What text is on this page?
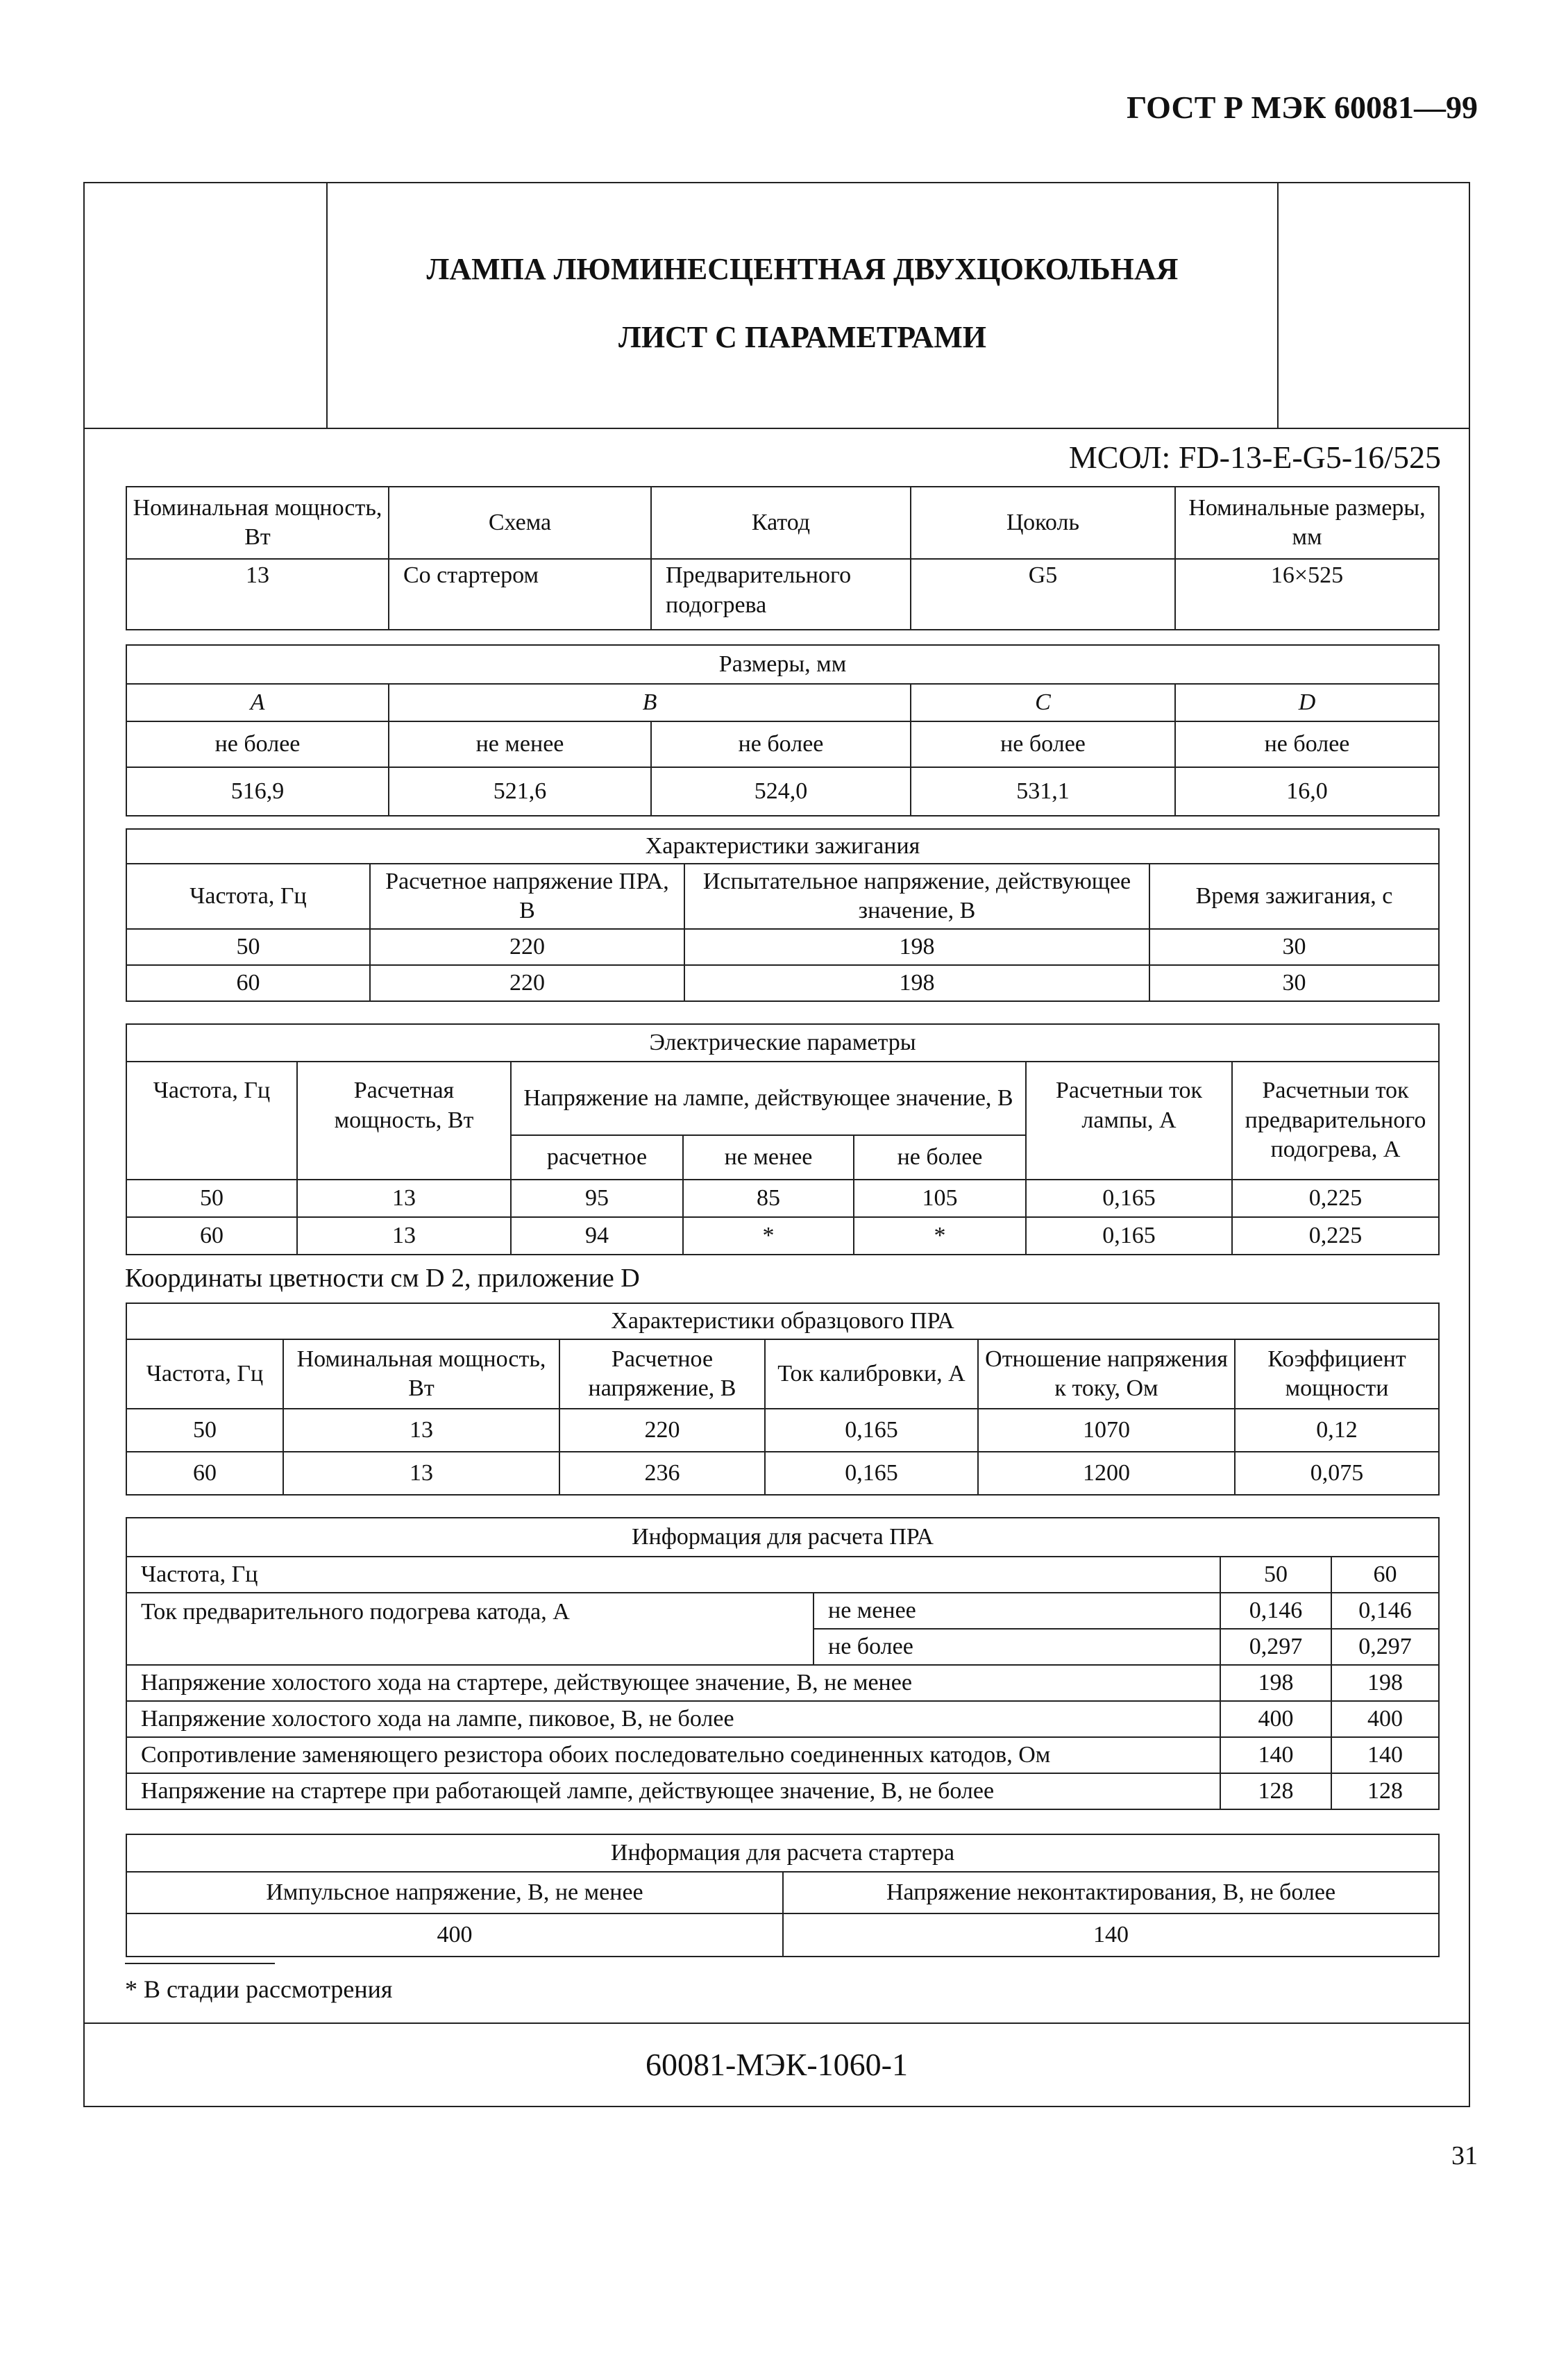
ГОСТ Р МЭК 60081—99
ЛАМПА ЛЮМИНЕСЦЕНТНАЯ ДВУХЦОКОЛЬНАЯ
ЛИСТ С ПАРАМЕТРАМИ
МСОЛ: FD-13-E-G5-16/525
Номинальная мощность, Вт	Схема	Катод	Цоколь	Номинальные размеры, мм
13	Со стартером	Предварительного подогрева	G5	16×525
Размеры, мм				
A	B		C	D
не более	не менее	не более	не более	не более
516,9	521,6	524,0	531,1	16,0
Характеристики зажигания			
Частота, Гц	Расчетное напряжение ПРА, В	Испытательное напряжение, действующее значение, В	Время зажигания, с
50	220	198	30
60	220	198	30
Электрические параметры						
Частота, Гц	Расчетная мощность, Вт	Напряжение на лампе, действующее значение, В			Расчетныи ток лампы, А	Расчетныи ток предварительного подогрева, А
		расчетное	не менее	не более		
50	13	95	85	105	0,165	0,225
60	13	94	*	*	0,165	0,225
Координаты цветности см D 2, приложение D
Характеристики образцового ПРА					
Частота, Гц	Номинальная мощность, Вт	Расчетное напряжение, В	Ток калибровки, А	Отношение напряжения к току, Ом	Коэффициент мощности
50	13	220	0,165	1070	0,12
60	13	236	0,165	1200	0,075
Информация для расчета ПРА			
Частота, Гц		50	60
Ток предварительного подогрева катода, А	не менее	0,146	0,146
	не более	0,297	0,297
Напряжение холостого хода на стартере, действующее значение, В, не менее		198	198
Напряжение холостого хода на лампе, пиковое, В, не более		400	400
Сопротивление заменяющего резистора обоих последовательно соединенных катодов, Ом		140	140
Напряжение на стартере при работающей лампе, действующее значение, В, не более		128	128
Информация для расчета стартера	
Импульсное напряжение, В, не менее	Напряжение неконтактирования, В, не более
400	140
* В стадии рассмотрения
60081-МЭК-1060-1
31
